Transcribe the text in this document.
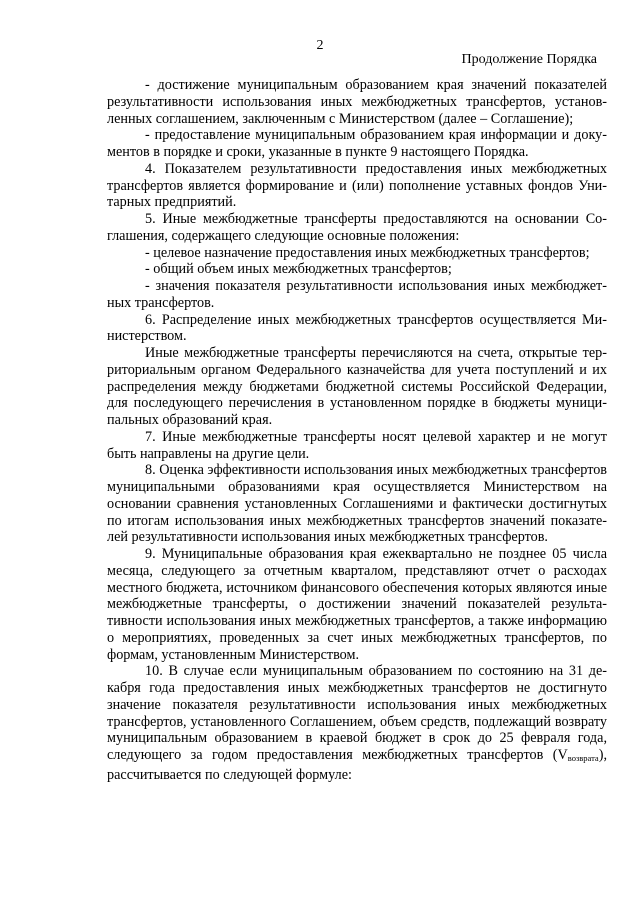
2
Продолжение Порядка

- достижение муниципальным образованием края значений показателей результативности использования иных межбюджетных трансфертов, установленных соглашением, заключенным с Министерством (далее – Соглашение);

- предоставление муниципальным образованием края информации и документов в порядке и сроки, указанные в пункте 9 настоящего Порядка.

4. Показателем результативности предоставления иных межбюджетных трансфертов является формирование и (или) пополнение уставных фондов Унитарных предприятий.

5. Иные межбюджетные трансферты предоставляются на основании Соглашения, содержащего следующие основные положения:

- целевое назначение предоставления иных межбюджетных трансфертов;

- общий объем иных межбюджетных трансфертов;

- значения показателя результативности использования иных межбюджетных трансфертов.

6. Распределение иных межбюджетных трансфертов осуществляется Министерством.

Иные межбюджетные трансферты перечисляются на счета, открытые территориальным органом Федерального казначейства для учета поступлений и их распределения между бюджетами бюджетной системы Российской Федерации, для последующего перечисления в установленном порядке в бюджеты муниципальных образований края.

7. Иные межбюджетные трансферты носят целевой характер и не могут быть направлены на другие цели.

8. Оценка эффективности использования иных межбюджетных трансфертов муниципальными образованиями края осуществляется Министерством на основании сравнения установленных Соглашениями и фактически достигнутых по итогам использования иных межбюджетных трансфертов значений показателей результативности использования иных межбюджетных трансфертов.

9. Муниципальные образования края ежеквартально не позднее 05 числа месяца, следующего за отчетным кварталом, представляют отчет о расходах местного бюджета, источником финансового обеспечения которых являются иные межбюджетные трансферты, о достижении значений показателей результативности использования иных межбюджетных трансфертов, а также информацию о мероприятиях, проведенных за счет иных межбюджетных трансфертов, по формам, установленным Министерством.

10. В случае если муниципальным образованием по состоянию на 31 декабря года предоставления иных межбюджетных трансфертов не достигнуто значение показателя результативности использования иных межбюджетных трансфертов, установленного Соглашением, объем средств, подлежащий возврату муниципальным образованием в краевой бюджет в срок до 25 февраля года, следующего за годом предоставления межбюджетных трансфертов $(V_{возврата})$, рассчитывается по следующей формуле:
